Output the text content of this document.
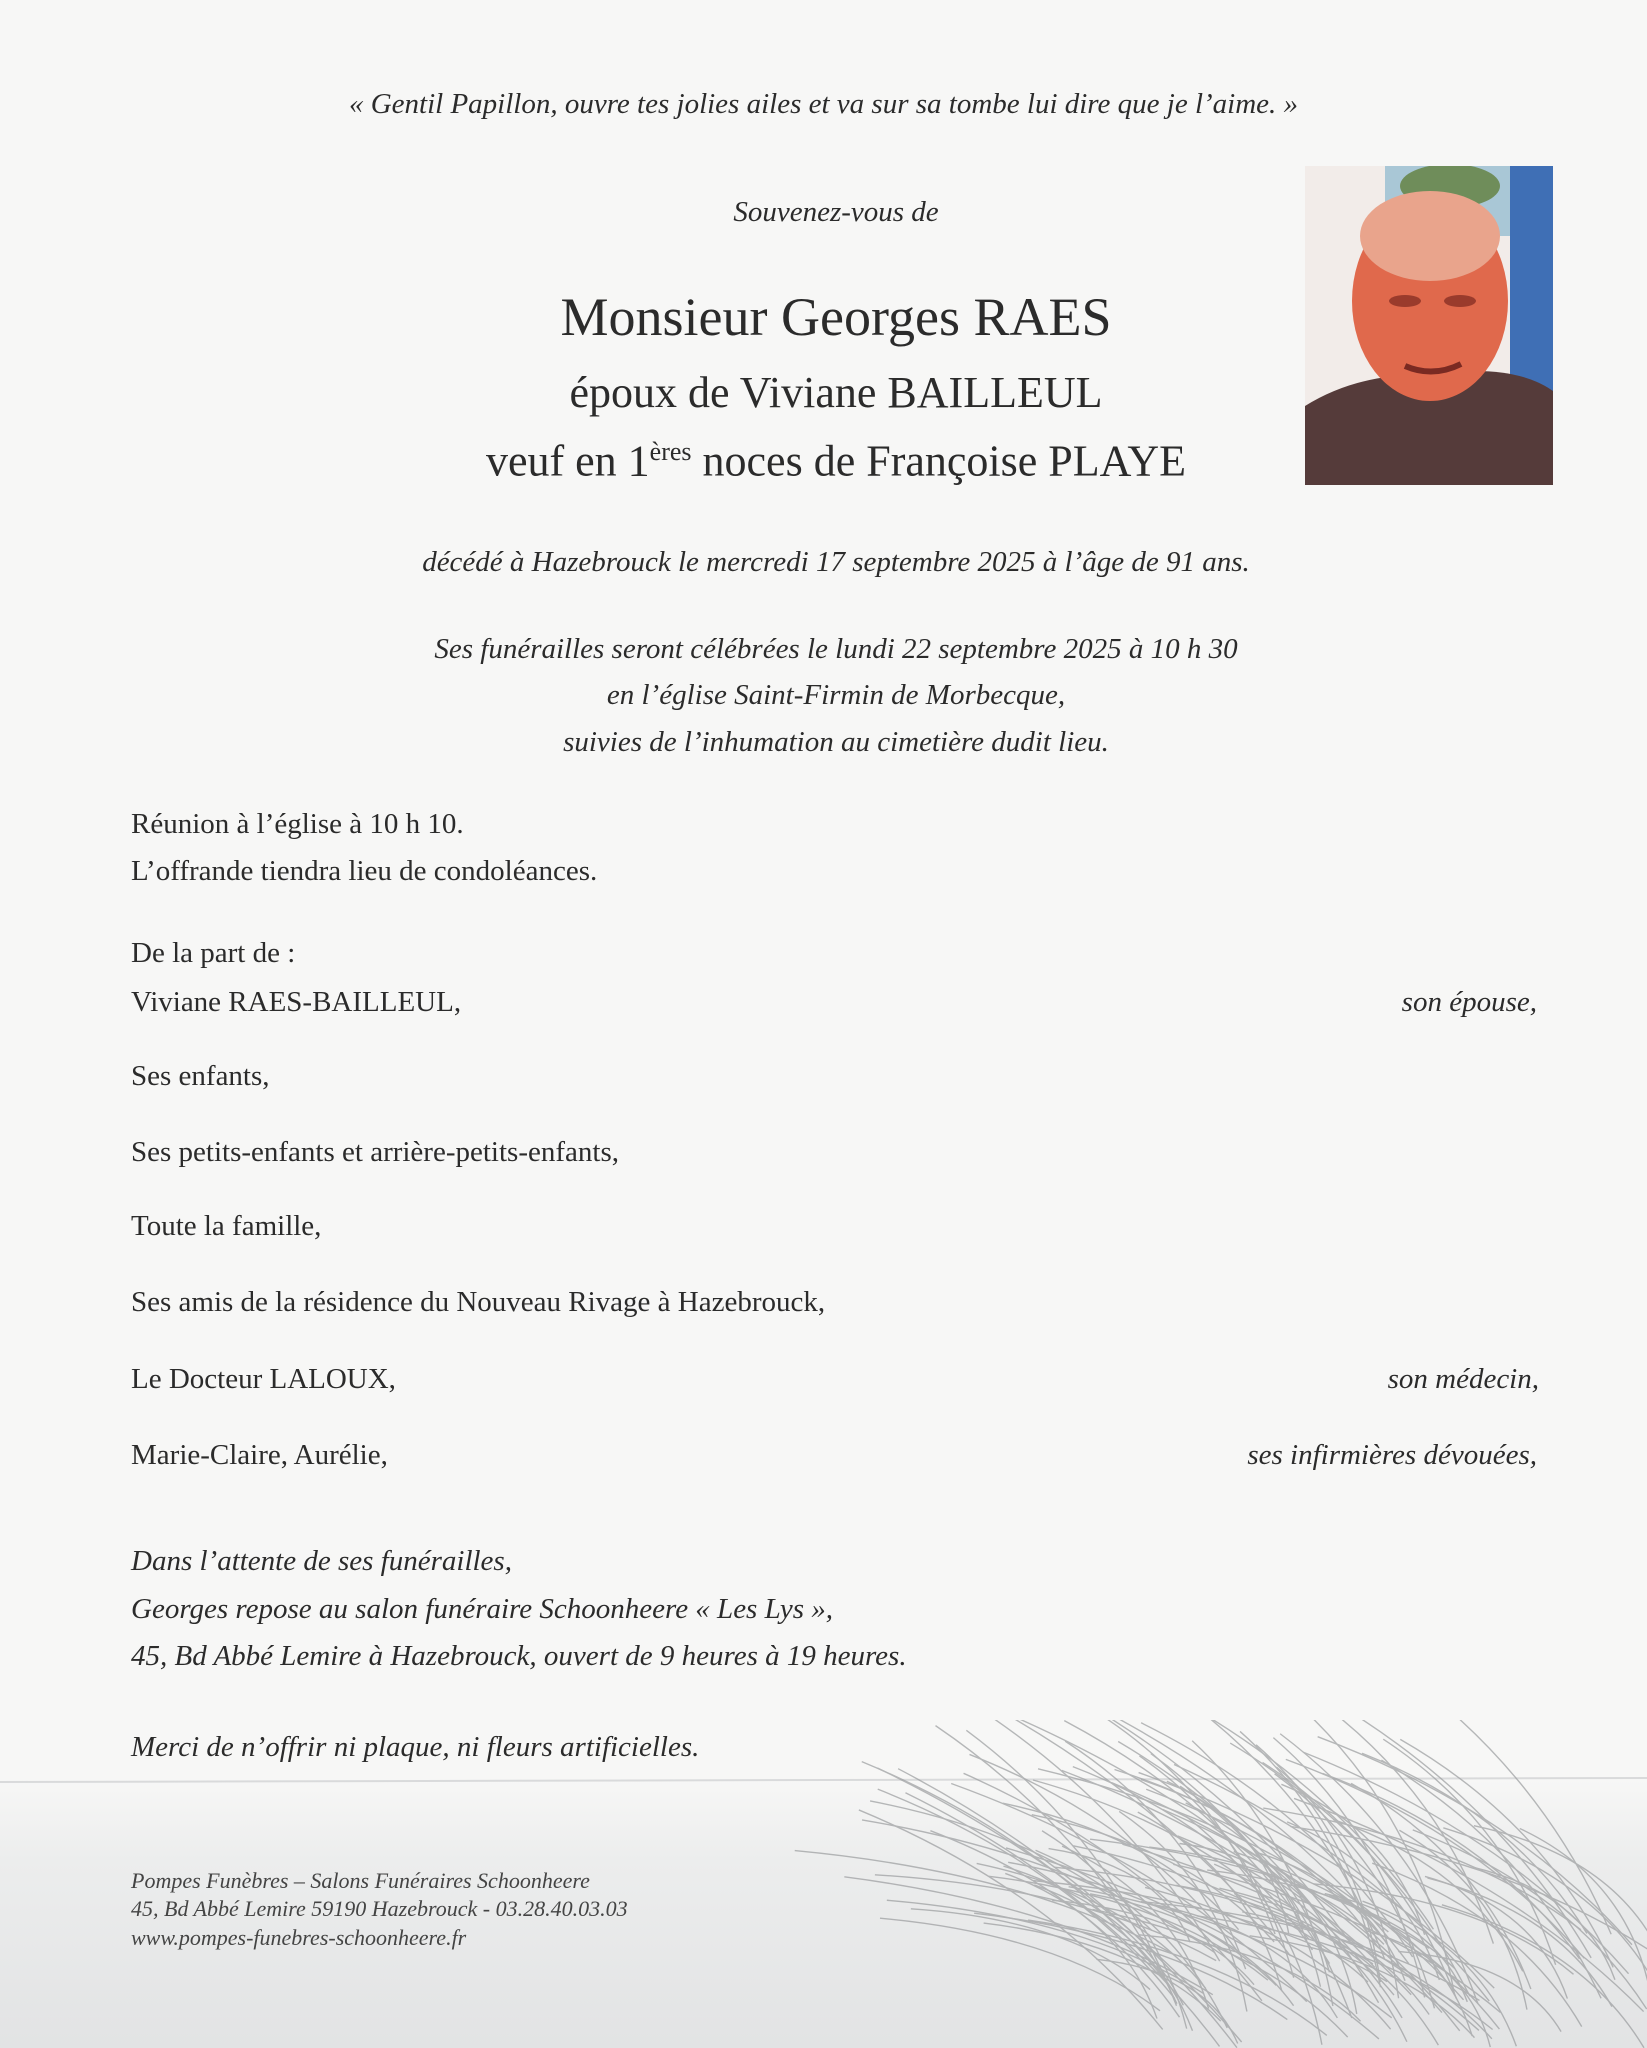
« Gentil Papillon, ouvre tes jolies ailes et va sur sa tombe lui dire que je l’aime. »
Souvenez-vous de
Monsieur Georges RAES
époux de Viviane BAILLEUL
veuf en 1ères noces de Françoise PLAYE
décédé à Hazebrouck le mercredi 17 septembre 2025 à l’âge de 91 ans.
Ses funérailles seront célébrées le lundi 22 septembre 2025 à 10 h 30
en l’église Saint-Firmin de Morbecque,
suivies de l’inhumation au cimetière dudit lieu.
Réunion à l’église à 10 h 10.
L’offrande tiendra lieu de condoléances.
De la part de :
Viviane RAES-BAILLEUL,	son épouse,
Ses enfants,
Ses petits-enfants et arrière-petits-enfants,
Toute la famille,
Ses amis de la résidence du Nouveau Rivage à Hazebrouck,
Le Docteur LALOUX,	son médecin,
Marie-Claire, Aurélie,	ses infirmières dévouées,
Dans l’attente de ses funérailles,
Georges repose au salon funéraire Schoonheere « Les Lys »,
45, Bd Abbé Lemire à Hazebrouck, ouvert de 9 heures à 19 heures.
Merci de n’offrir ni plaque, ni fleurs artificielles.
Pompes Funèbres – Salons Funéraires Schoonheere
45, Bd Abbé Lemire 59190 Hazebrouck - 03.28.40.03.03
www.pompes-funebres-schoonheere.fr
